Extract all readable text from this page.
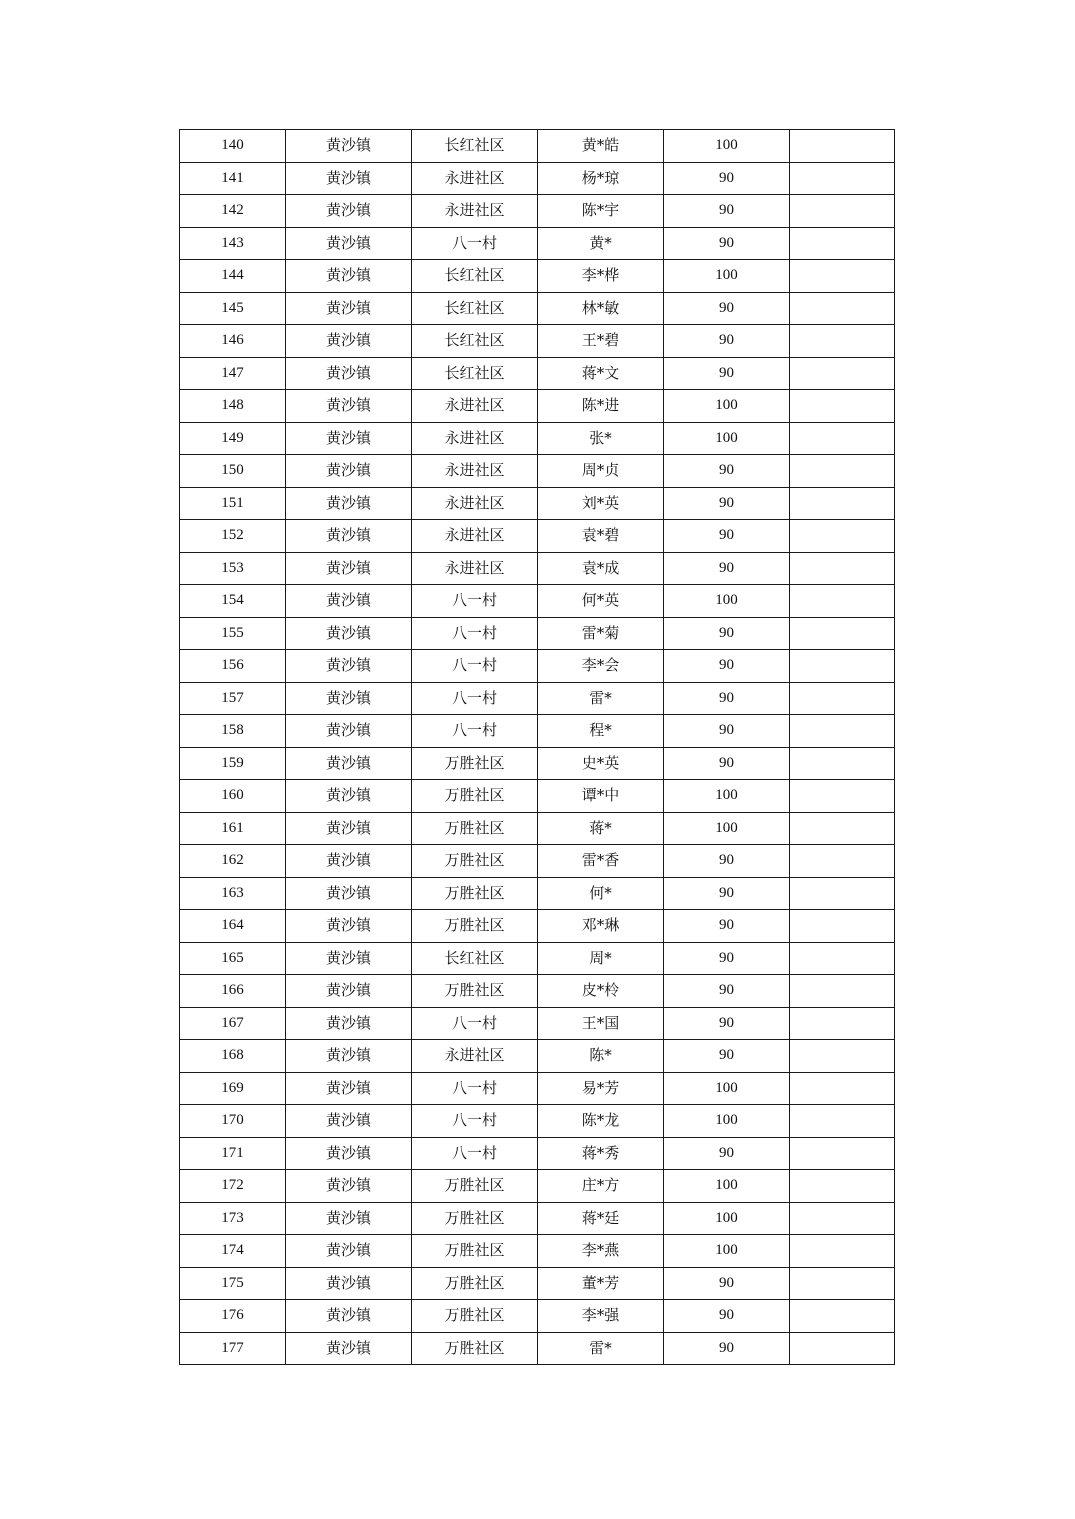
140	黄沙镇	长红社区	黄*皓	100	
141	黄沙镇	永进社区	杨*琼	90	
142	黄沙镇	永进社区	陈*宇	90	
143	黄沙镇	八一村	黄*	90	
144	黄沙镇	长红社区	李*桦	100	
145	黄沙镇	长红社区	林*敏	90	
146	黄沙镇	长红社区	王*碧	90	
147	黄沙镇	长红社区	蒋*文	90	
148	黄沙镇	永进社区	陈*进	100	
149	黄沙镇	永进社区	张*	100	
150	黄沙镇	永进社区	周*贞	90	
151	黄沙镇	永进社区	刘*英	90	
152	黄沙镇	永进社区	袁*碧	90	
153	黄沙镇	永进社区	袁*成	90	
154	黄沙镇	八一村	何*英	100	
155	黄沙镇	八一村	雷*菊	90	
156	黄沙镇	八一村	李*会	90	
157	黄沙镇	八一村	雷*	90	
158	黄沙镇	八一村	程*	90	
159	黄沙镇	万胜社区	史*英	90	
160	黄沙镇	万胜社区	谭*中	100	
161	黄沙镇	万胜社区	蒋*	100	
162	黄沙镇	万胜社区	雷*香	90	
163	黄沙镇	万胜社区	何*	90	
164	黄沙镇	万胜社区	邓*琳	90	
165	黄沙镇	长红社区	周*	90	
166	黄沙镇	万胜社区	皮*柃	90	
167	黄沙镇	八一村	王*国	90	
168	黄沙镇	永进社区	陈*	90	
169	黄沙镇	八一村	易*芳	100	
170	黄沙镇	八一村	陈*龙	100	
171	黄沙镇	八一村	蒋*秀	90	
172	黄沙镇	万胜社区	庄*方	100	
173	黄沙镇	万胜社区	蒋*廷	100	
174	黄沙镇	万胜社区	李*燕	100	
175	黄沙镇	万胜社区	董*芳	90	
176	黄沙镇	万胜社区	李*强	90	
177	黄沙镇	万胜社区	雷*	90	
